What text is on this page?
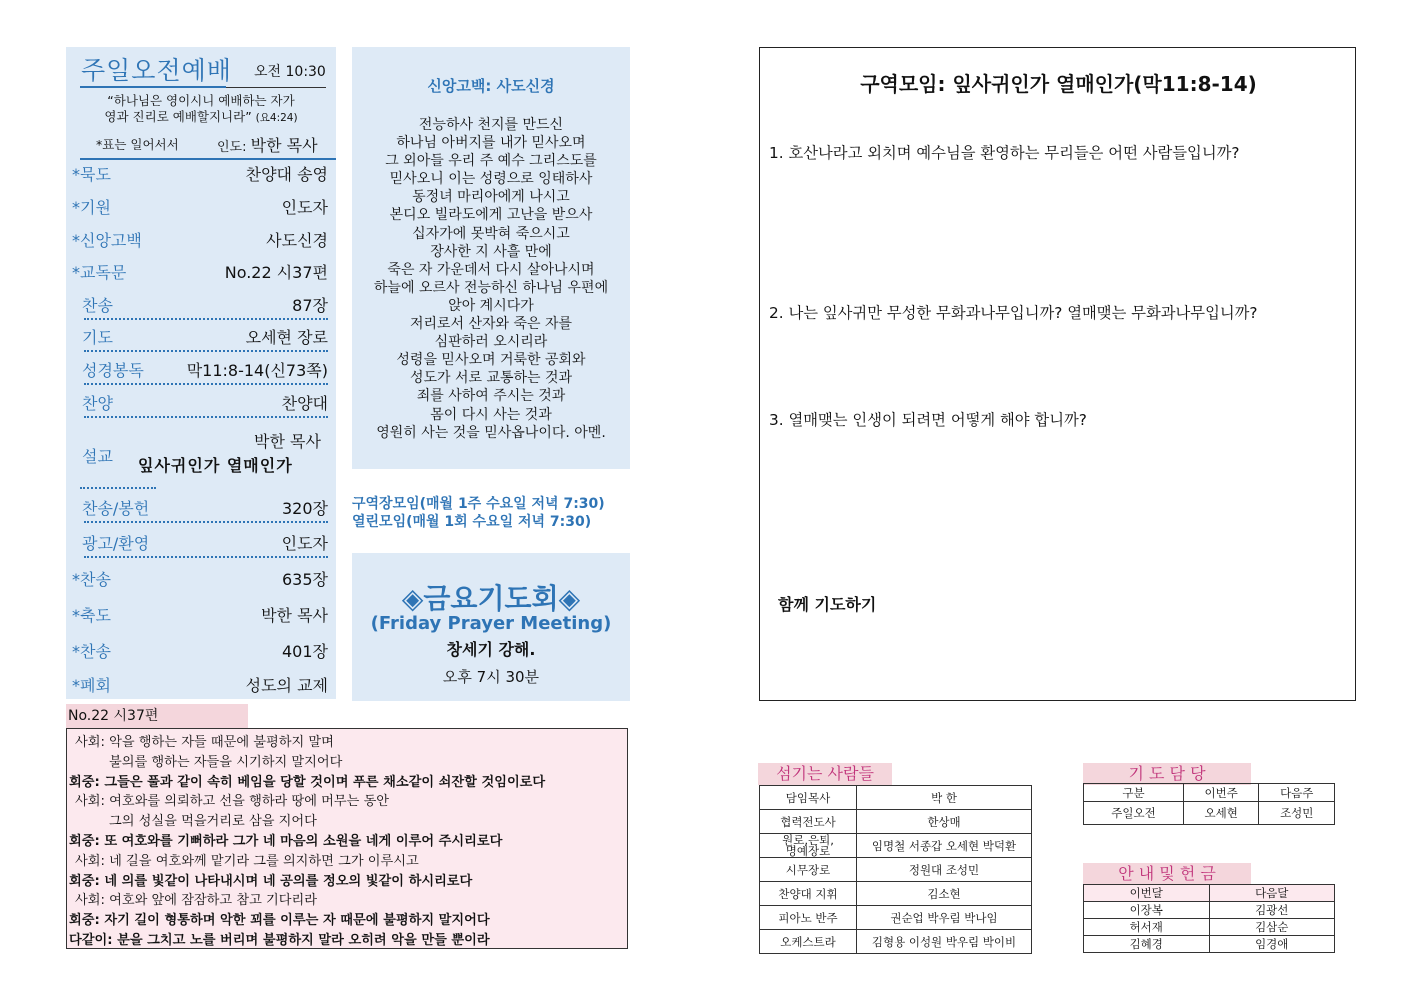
주일오전예배 오전 10:30
“하나님은 영이시니 예배하는 자가
영과 진리로 예배할지니라” (요4:24)
*표는 일어서서	인도: 박한 목사
*묵도	찬양대 송영
*기원	인도자
*신앙고백	사도신경
*교독문	No.22 시37편
찬송	87장
기도	오세현 장로
성경봉독	막11:8-14(신73쪽)
찬양	찬양대
설교
박한 목사
잎사귀인가 열매인가
찬송/봉헌	320장
광고/환영	인도자
*찬송	635장
*축도	박한 목사
*찬송	401장
*폐회	성도의 교제
신앙고백: 사도신경
전능하사 천지를 만드신
하나님 아버지를 내가 믿사오며
그 외아들 우리 주 예수 그리스도를
믿사오니 이는 성령으로 잉태하사
동정녀 마리아에게 나시고
본디오 빌라도에게 고난을 받으사
십자가에 못박혀 죽으시고
장사한 지 사흘 만에
죽은 자 가운데서 다시 살아나시며
하늘에 오르사 전능하신 하나님 우편에
앉아 계시다가
저리로서 산자와 죽은 자를
심판하러 오시리라
성령을 믿사오며 거룩한 공회와
성도가 서로 교통하는 것과
죄를 사하여 주시는 것과
몸이 다시 사는 것과
영원히 사는 것을 믿사옵나이다. 아멘.
구역장모임(매월 1주 수요일 저녁 7:30)
열린모임(매월 1회 수요일 저녁 7:30)
◈금요기도회◈
(Friday Prayer Meeting)
창세기 강해.
오후 7시 30분
No.22 시37편
사회: 악을 행하는 자들 때문에 불평하지 말며
불의를 행하는 자들을 시기하지 말지어다
회중: 그들은 풀과 같이 속히 베임을 당할 것이며 푸른 채소같이 쇠잔할 것임이로다
사회: 여호와를 의뢰하고 선을 행하라 땅에 머무는 동안
그의 성실을 먹을거리로 삼을 지어다
회중: 또 여호와를 기뻐하라 그가 네 마음의 소원을 네게 이루어 주시리로다
사회: 네 길을 여호와께 맡기라 그를 의지하면 그가 이루시고
회중: 네 의를 빛같이 나타내시며 네 공의를 정오의 빛같이 하시리로다
사회: 여호와 앞에 잠잠하고 참고 기다리라
회중: 자기 길이 형통하며 악한 꾀를 이루는 자 때문에 불평하지 말지어다
다같이: 분을 그치고 노를 버리며 불평하지 말라 오히려 악을 만들 뿐이라
구역모임: 잎사귀인가 열매인가(막11:8-14)
1. 호산나라고 외치며 예수님을 환영하는 무리들은 어떤 사람들입니까?
2. 나는 잎사귀만 무성한 무화과나무입니까? 열매맺는 무화과나무입니까?
3. 열매맺는 인생이 되려면 어떻게 해야 합니까?
함께 기도하기
섬기는 사람들
담임목사	박 한
협력전도사	한상매
원로,은퇴,
명예장로	임명철 서종갑 오세현 박덕환
시무장로	정원대 조성민
찬양대 지휘	김소현
피아노 반주	권순업 박우림 박나임
오케스트라	김형용 이성원 박우림 박이비
기 도 담 당
구분	이번주	다음주
주일오전	오세현	조성민
안 내 및 헌 금
이번달	다음달
이장복	김광선
허서재	김삼순
김혜경	임경애
